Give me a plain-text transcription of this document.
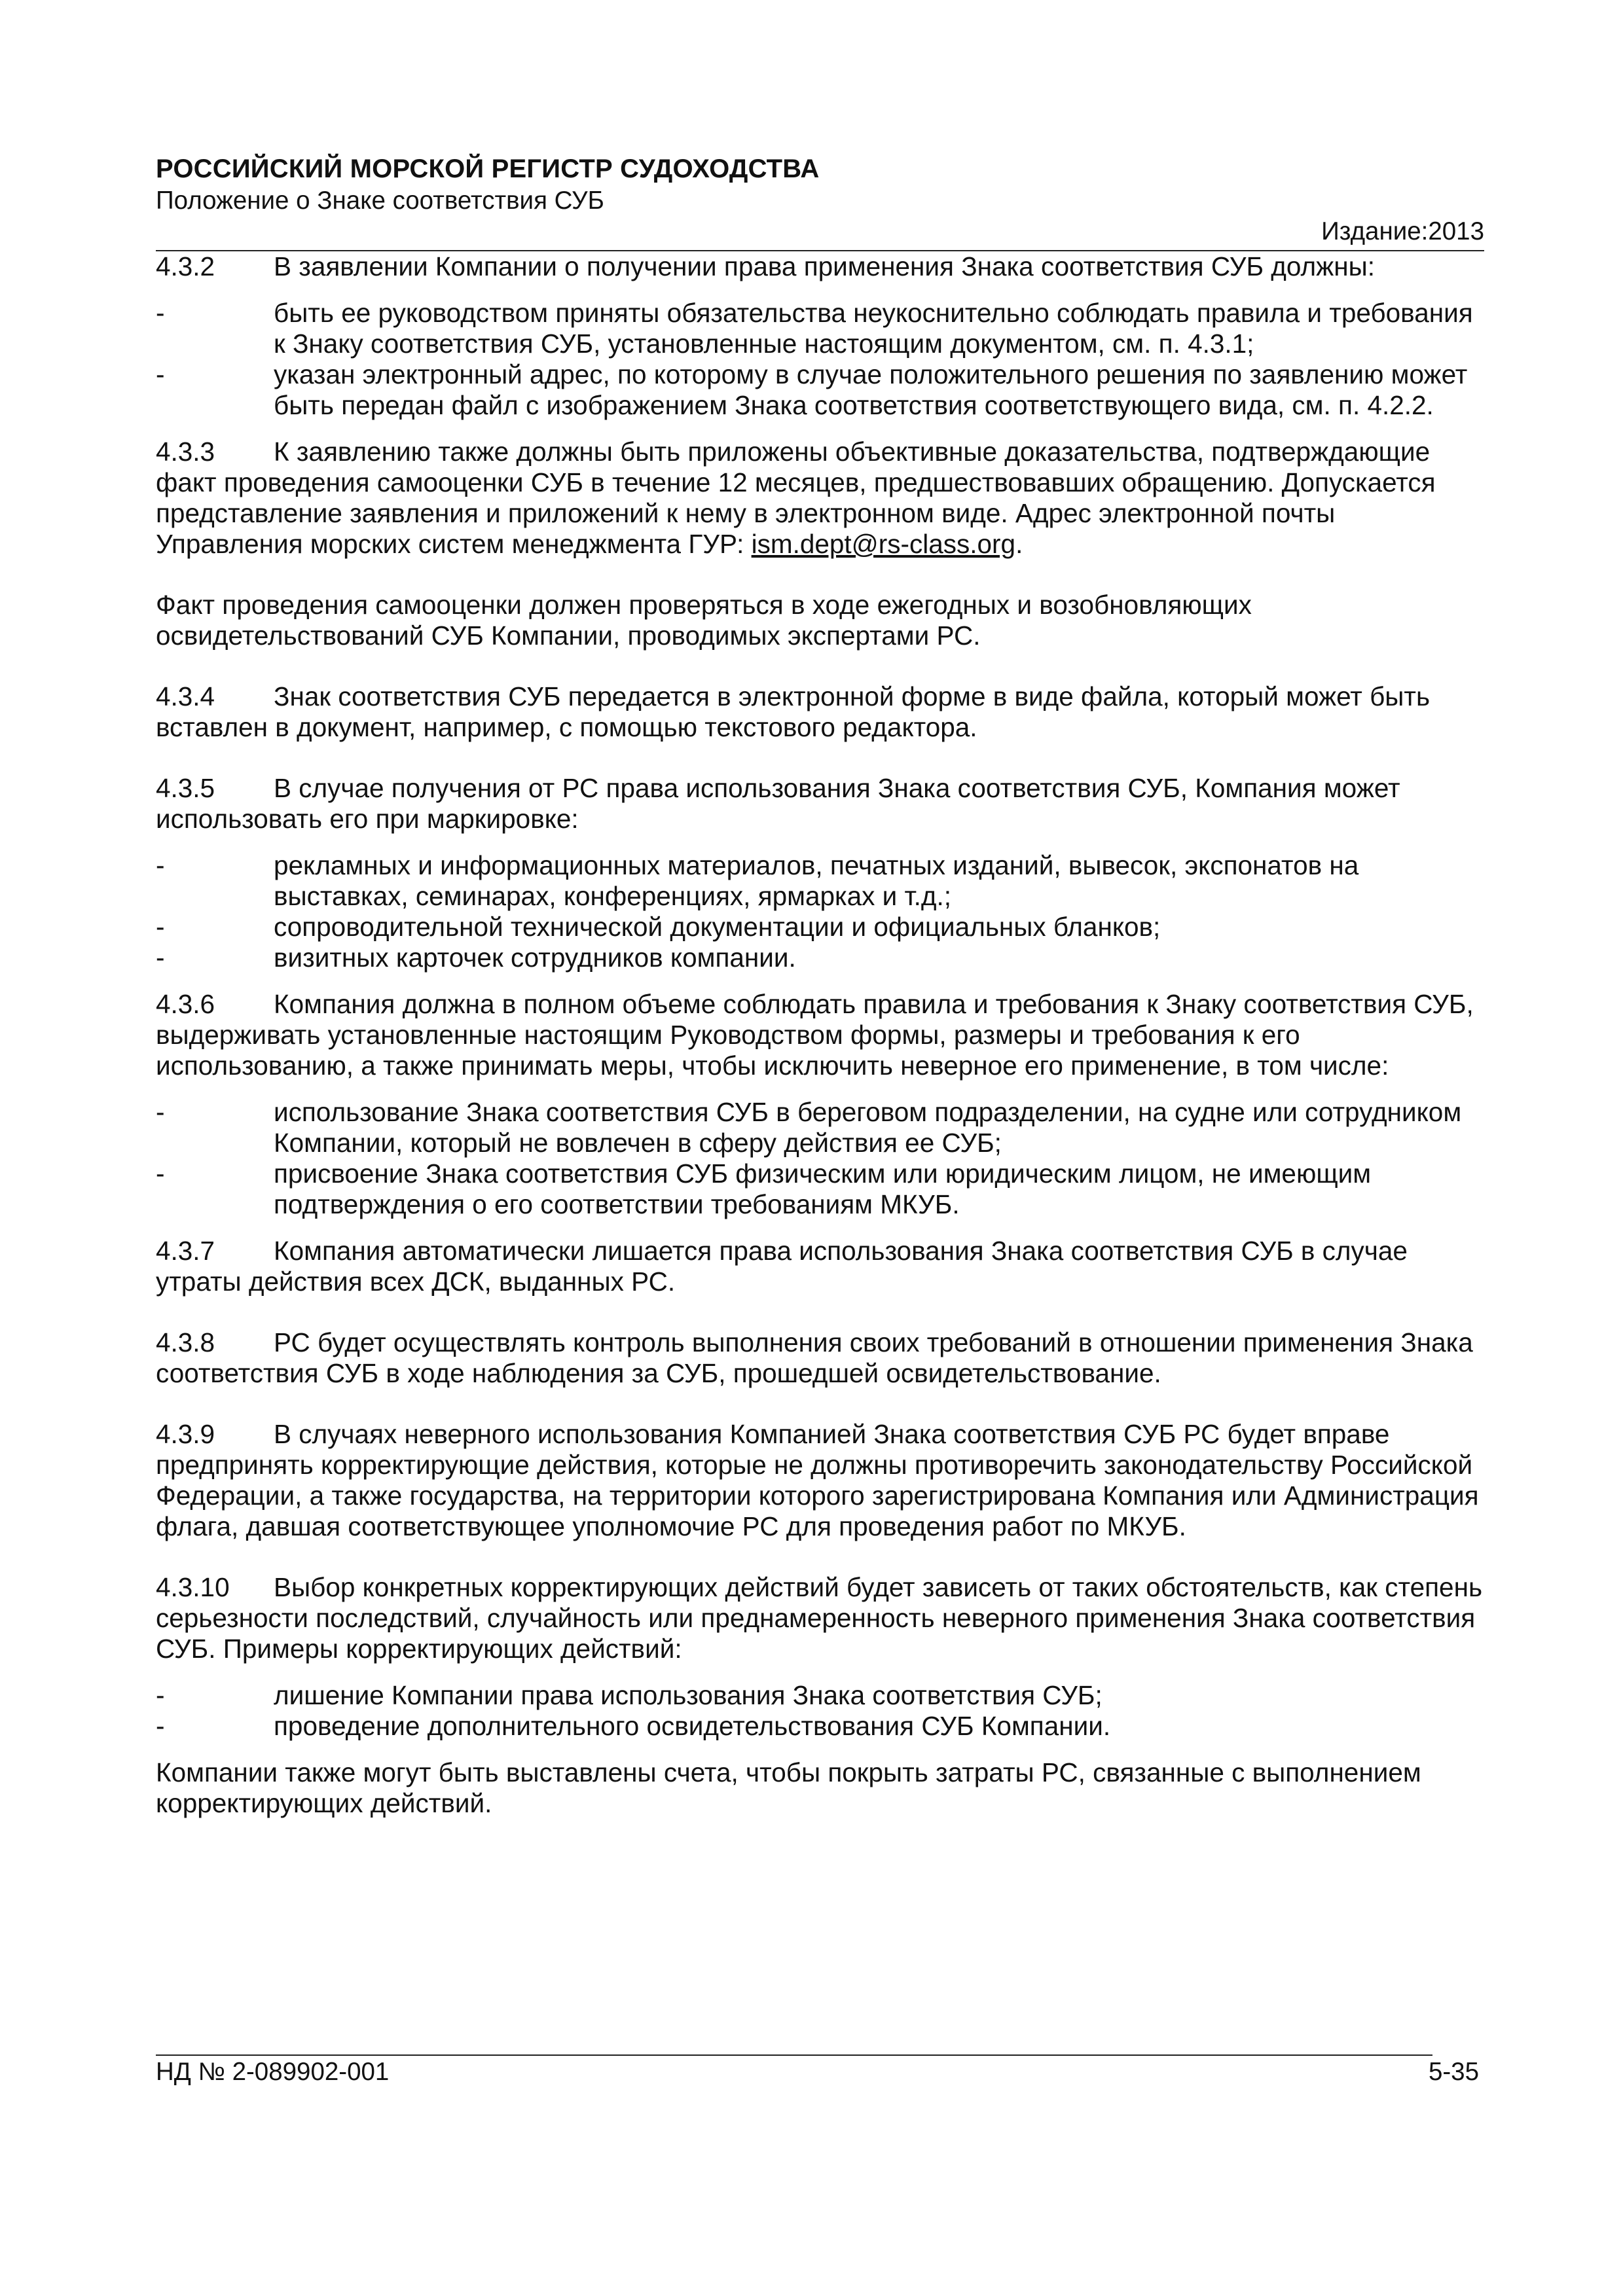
РОССИЙСКИЙ МОРСКОЙ РЕГИСТР СУДОХОДСТВА
Положение о Знаке соответствия СУБ
Издание:2013

4.3.2 В заявлении Компании о получении права применения Знака соответствия СУБ должны:

-	быть ее руководством приняты обязательства неукоснительно соблюдать правила и требования к Знаку соответствия СУБ, установленные настоящим документом, см. п. 4.3.1;
-	указан электронный адрес, по которому в случае положительного решения по заявлению может быть передан файл с изображением Знака соответствия соответствующего вида, см. п. 4.2.2.

4.3.3 К заявлению также должны быть приложены объективные доказательства, подтверждающие факт проведения самооценки СУБ в течение 12 месяцев, предшествовавших обращению. Допускается представление заявления и приложений к нему в электронном виде. Адрес электронной почты Управления морских систем менеджмента ГУР: ism.dept@rs-class.org.

Факт проведения самооценки должен проверяться в ходе ежегодных и возобновляющих освидетельствований СУБ Компании, проводимых экспертами РС.

4.3.4 Знак соответствия СУБ передается в электронной форме в виде файла, который может быть вставлен в документ, например, с помощью текстового редактора.

4.3.5 В случае получения от РС права использования Знака соответствия СУБ, Компания может использовать его при маркировке:

-	рекламных и информационных материалов, печатных изданий, вывесок, экспонатов на выставках, семинарах, конференциях, ярмарках и т.д.;
-	сопроводительной технической документации и официальных бланков;
-	визитных карточек сотрудников компании.

4.3.6 Компания должна в полном объеме соблюдать правила и требования к Знаку соответствия СУБ, выдерживать установленные настоящим Руководством формы, размеры и требования к его использованию, а также принимать меры, чтобы исключить неверное его применение, в том числе:

-	использование Знака соответствия СУБ в береговом подразделении, на судне или сотрудником Компании, который не вовлечен в сферу действия ее СУБ;
-	присвоение Знака соответствия СУБ физическим или юридическим лицом, не имеющим подтверждения о его соответствии требованиям МКУБ.

4.3.7 Компания автоматически лишается права использования Знака соответствия СУБ в случае утраты действия всех ДСК, выданных РС.

4.3.8 РС будет осуществлять контроль выполнения своих требований в отношении применения Знака соответствия СУБ в ходе наблюдения за СУБ, прошедшей освидетельствование.

4.3.9 В случаях неверного использования Компанией Знака соответствия СУБ РС будет вправе предпринять корректирующие действия, которые не должны противоречить законодательству Российской Федерации, а также государства, на территории которого зарегистрирована Компания или Администрация флага, давшая соответствующее уполномочие РС для проведения работ по МКУБ.

4.3.10 Выбор конкретных корректирующих действий будет зависеть от таких обстоятельств, как степень серьезности последствий, случайность или преднамеренность неверного применения Знака соответствия СУБ. Примеры корректирующих действий:

-	лишение Компании права использования Знака соответствия СУБ;
-	проведение дополнительного освидетельствования СУБ Компании.

Компании также могут быть выставлены счета, чтобы покрыть затраты РС, связанные с выполнением корректирующих действий.

НД № 2-089902-001	5-35
